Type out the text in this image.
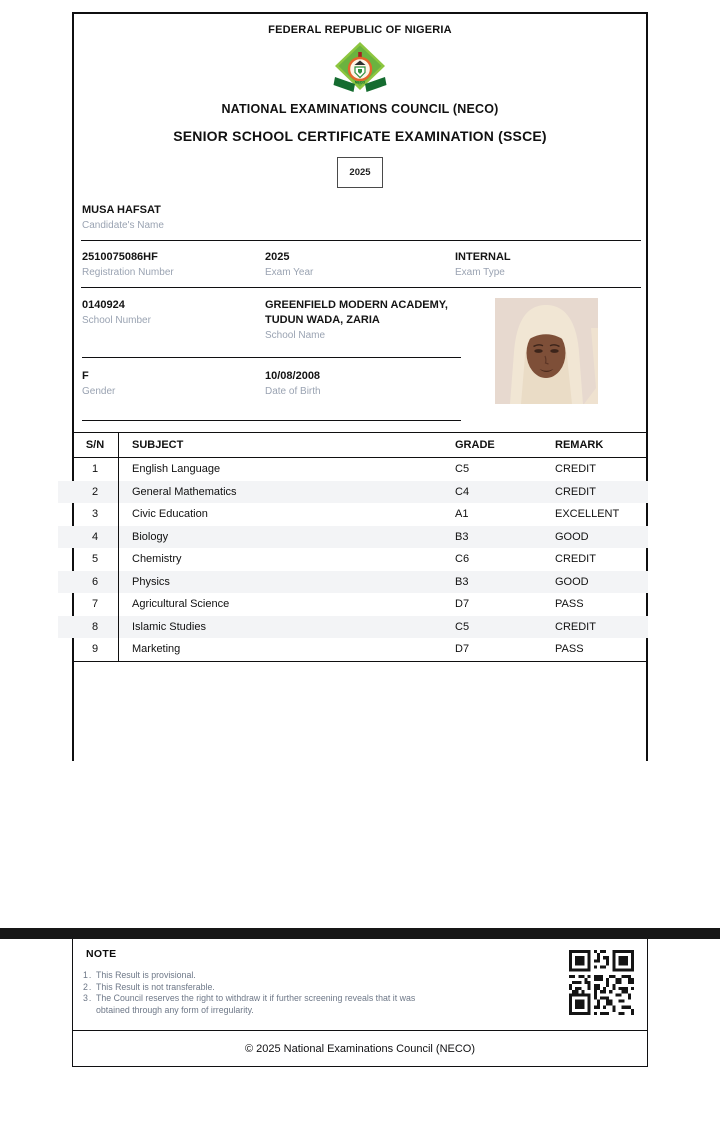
FEDERAL REPUBLIC OF NIGERIA
NECO
NATIONAL EXAMINATIONS COUNCIL (NECO)
SENIOR SCHOOL CERTIFICATE EXAMINATION (SSCE)
2025
MUSA HAFSAT
Candidate's Name
2510075086HF
Registration Number
2025
Exam Year
INTERNAL
Exam Type
0140924
School Number
GREENFIELD MODERN ACADEMY,
TUDUN WADA, ZARIA
School Name
F
Gender
10/08/2008
Date of Birth
S/N	SUBJECT	GRADE	REMARK
1	English Language	C5	CREDIT
2	General Mathematics	C4	CREDIT
3	Civic Education	A1	EXCELLENT
4	Biology	B3	GOOD
5	Chemistry	C6	CREDIT
6	Physics	B3	GOOD
7	Agricultural Science	D7	PASS
8	Islamic Studies	C5	CREDIT
9	Marketing	D7	PASS
NOTE
This Result is provisional.
This Result is not transferable.
The Council reserves the right to withdraw it if further screening reveals that it was obtained through any form of irregularity.
© 2025 National Examinations Council (NECO)
